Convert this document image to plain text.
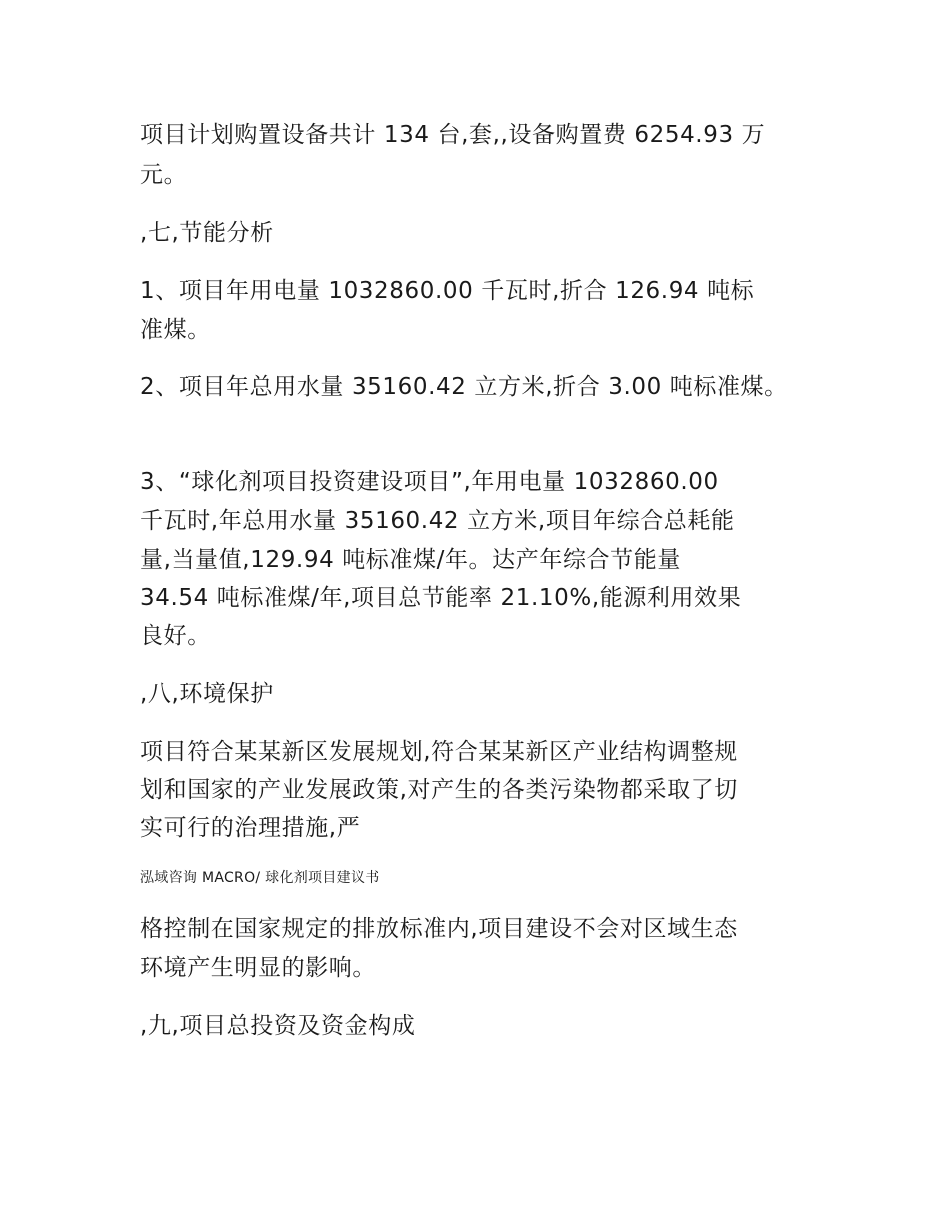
项目计划购置设备共计 134 台,套,,设备购置费 6254.93 万
元。
,七,节能分析
1、项目年用电量 1032860.00 千瓦时,折合 126.94 吨标
准煤。
2、项目年总用水量 35160.42 立方米,折合 3.00 吨标准煤。
3、“球化剂项目投资建设项目”,年用电量 1032860.00
千瓦时,年总用水量 35160.42 立方米,项目年综合总耗能
量,当量值,129.94 吨标准煤/年。达产年综合节能量
34.54 吨标准煤/年,项目总节能率 21.10%,能源利用效果
良好。
,八,环境保护
项目符合某某新区发展规划,符合某某新区产业结构调整规
划和国家的产业发展政策,对产生的各类污染物都采取了切
实可行的治理措施,严
泓域咨询 MACRO/ 球化剂项目建议书
格控制在国家规定的排放标准内,项目建设不会对区域生态
环境产生明显的影响。
,九,项目总投资及资金构成
